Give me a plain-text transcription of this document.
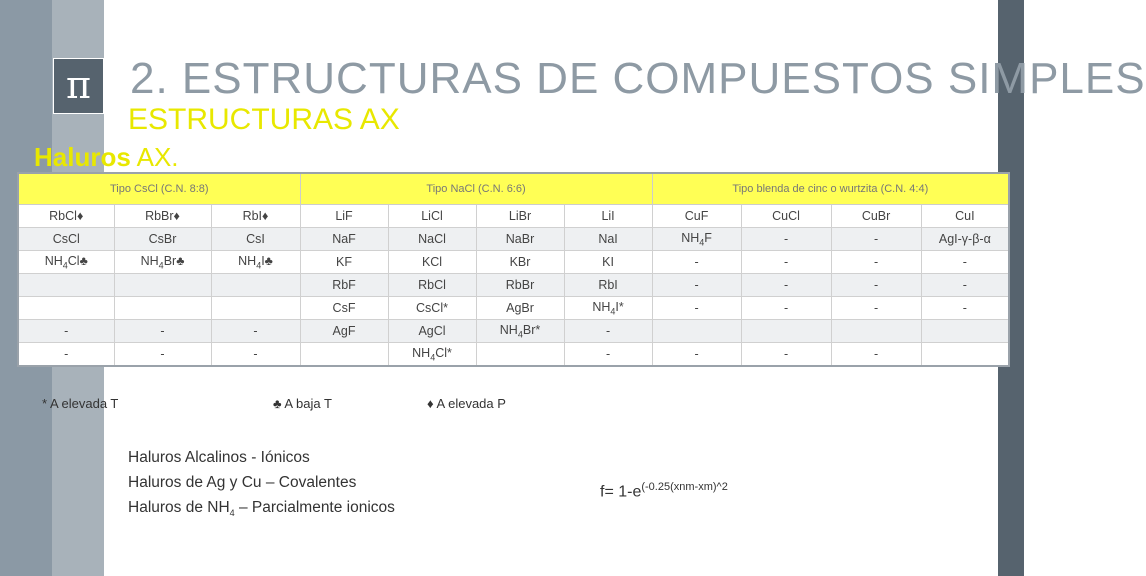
π 2. ESTRUCTURAS DE COMPUESTOS SIMPLES
ESTRUCTURAS AX
Haluros AX.
Tipo CsCl (C.N. 8:8)			Tipo NaCl (C.N. 6:6)				Tipo blenda de cinc o wurtzita (C.N. 4:4)			
RbCl♦	RbBr♦	RbI♦	LiF	LiCl	LiBr	LiI	CuF	CuCl	CuBr	CuI
CsCl	CsBr	CsI	NaF	NaCl	NaBr	NaI	$NH_4F$	-	-	AgI-γ-β-α
$NH_4Cl♣$	$NH_4Br♣$	$NH_4I♣$	KF	KCl	KBr	KI	-	-	-	-
			RbF	RbCl	RbBr	RbI	-	-	-	-
			CsF	CsCl*	AgBr	$NH_4I*$	-	-	-	-
-	-	-	AgF	AgCl	$NH_4Br*$	-				
-	-	-		$NH_4Cl*$		-	-	-	-	
* A elevada T	♣ A baja T	♦ A elevada P
Haluros Alcalinos - Iónicos
Haluros de Ag y Cu – Covalentes
Haluros de $NH_4$ – Parcialmente ionicos
$f= 1-e^{(-0.25(xnm-xm)\^{}2}$
